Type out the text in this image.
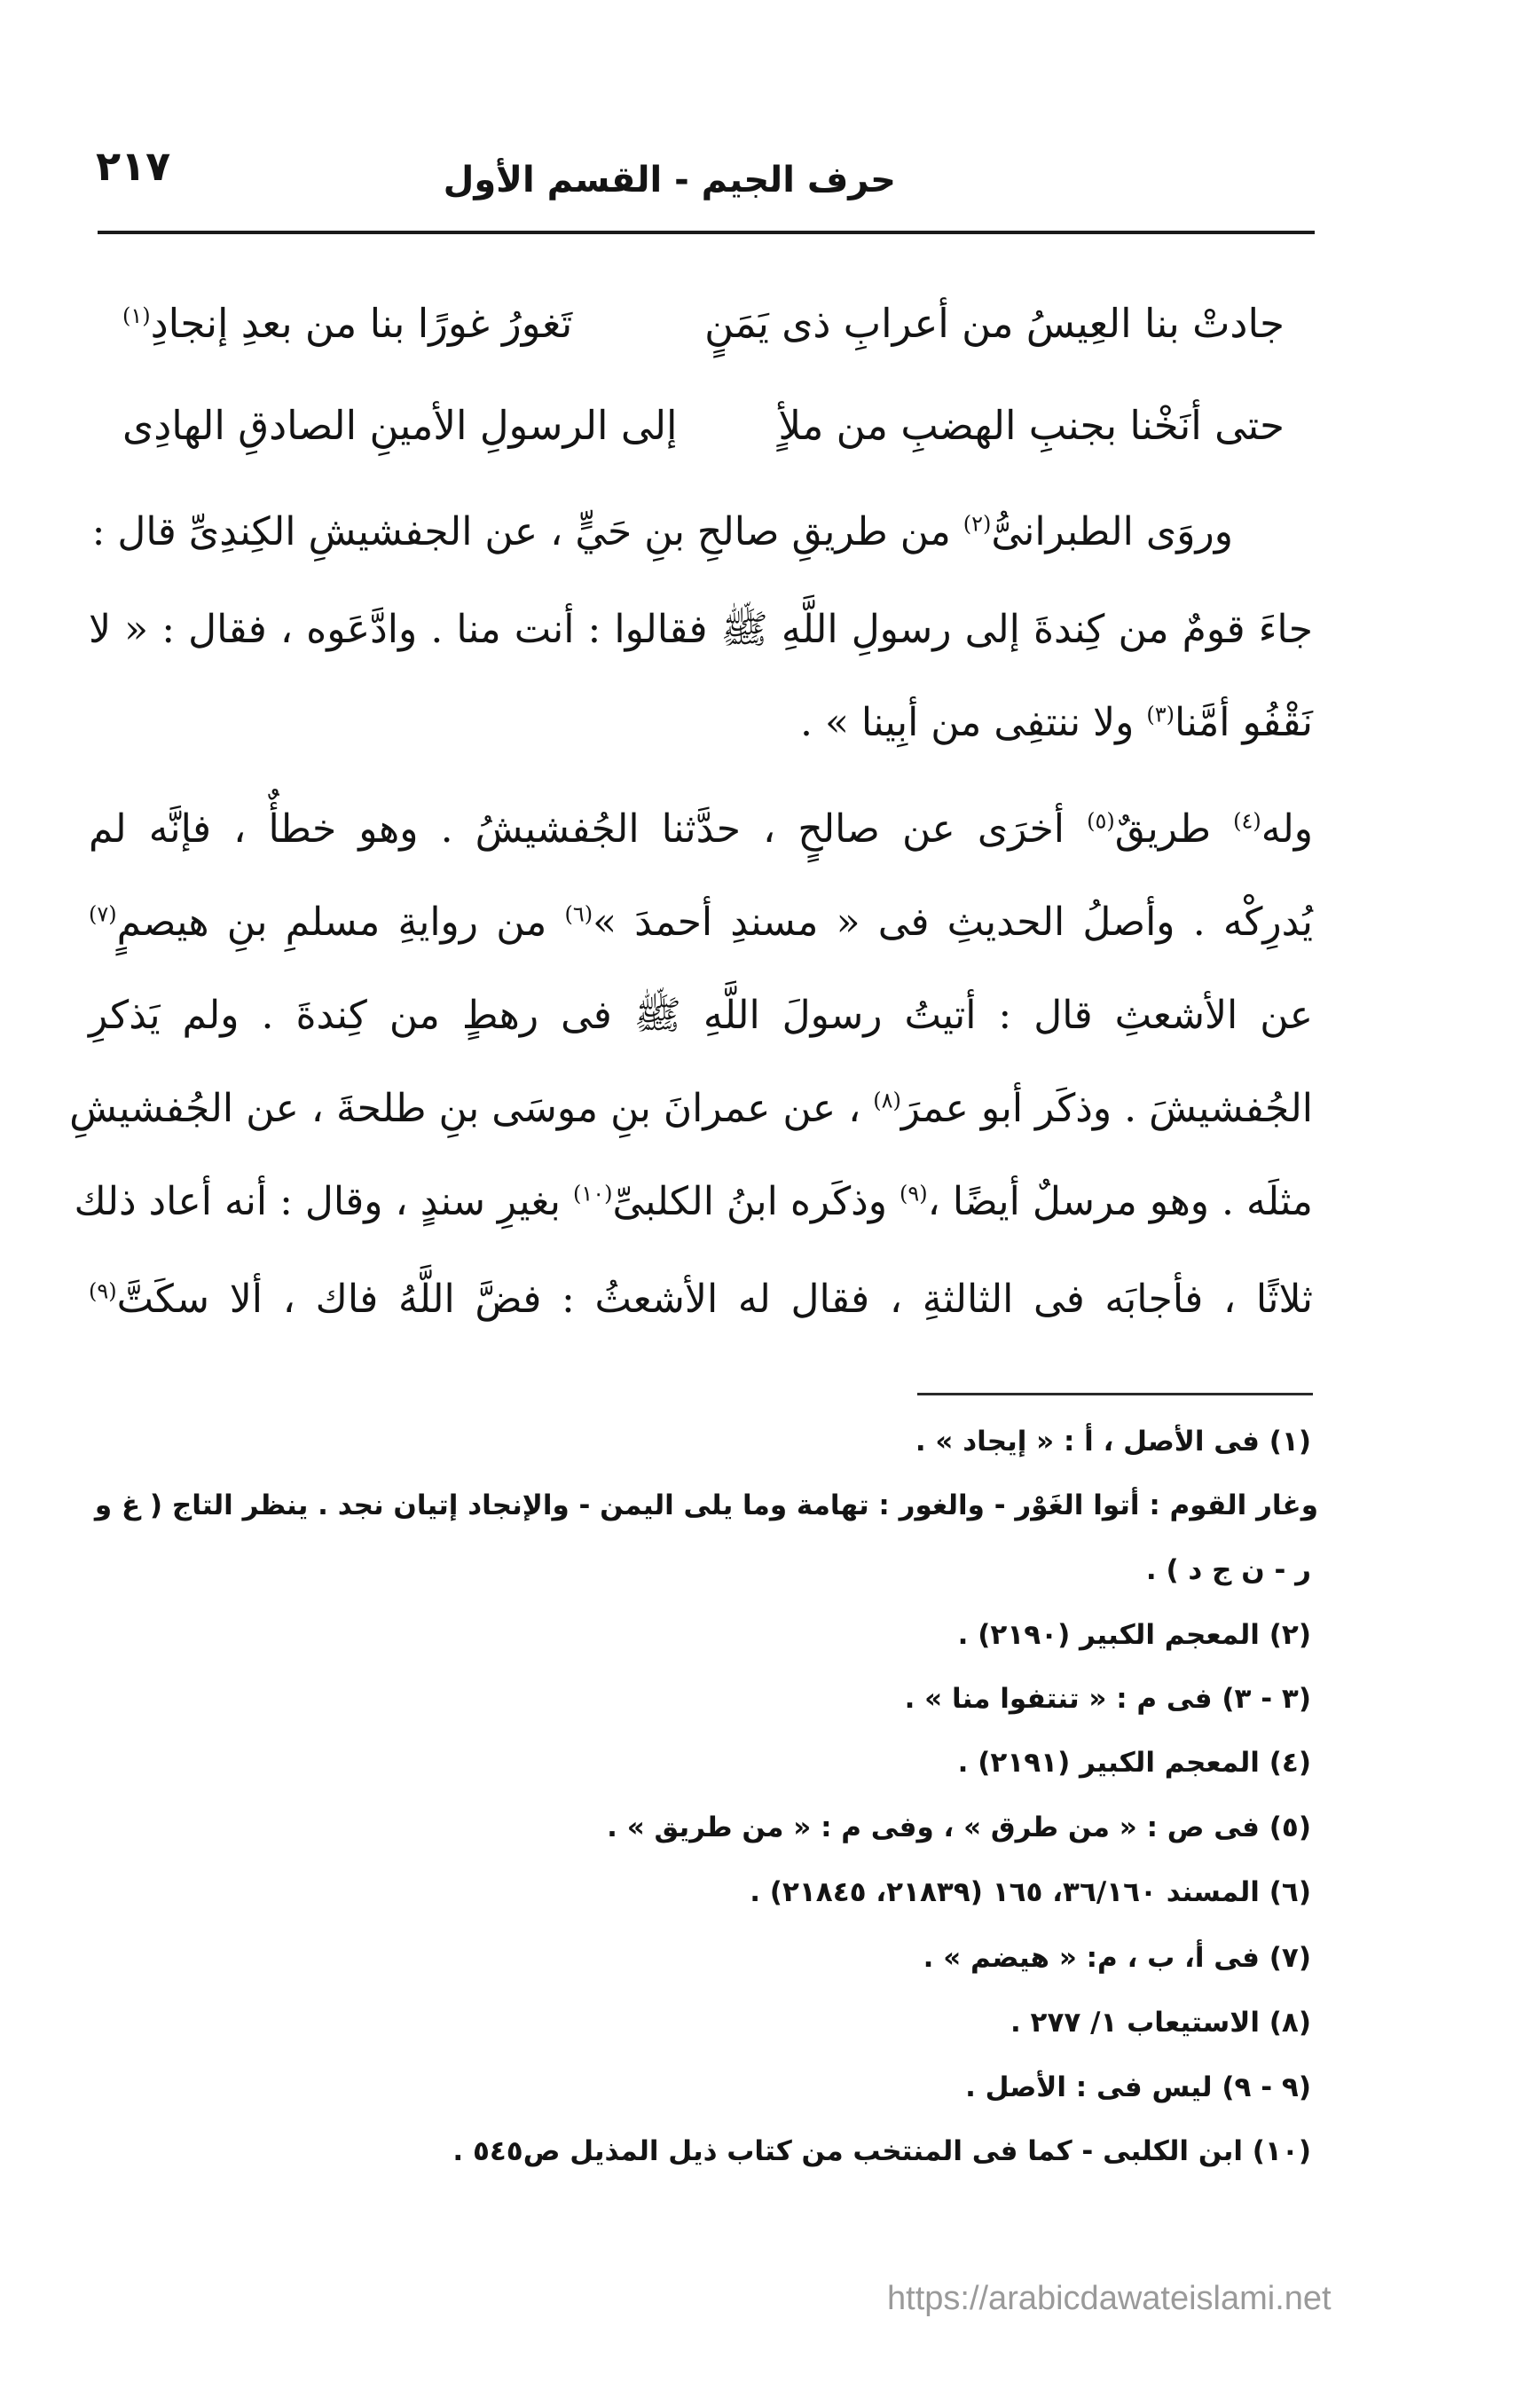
حرف الجيم - القسم الأول
٢١٧
جادتْ بنا العِيسُ من أعرابِ ذى يَمَنٍ
تَغورُ غورًا بنا من بعدِ إنجادِ$^{(١)}$
حتى أنَخْنا بجنبِ الهضبِ من ملأٍ
إلى الرسولِ الأمينِ الصادقِ الهادِى
وروَى الطبرانىُّ$^{(٢)}$ من طريقِ صالحِ بنِ حَيٍّ ، عن الجفشيشِ الكِندِىِّ قال :
جاءَ قومٌ من كِندةَ إلى رسولِ اللَّهِ ﷺ فقالوا : أنت منا . وادَّعَوه ، فقال : « لا
نَقْفُو أمَّنا$^{(٣)}$ ولا ننتفِى من أبِينا » .
وله$^{(٤)}$ طريقٌ$^{(٥)}$ أخرَى عن صالحٍ ، حدَّثنا الجُفشيشُ . وهو خطأٌ ، فإنَّه لم
يُدرِكْه . وأصلُ الحديثِ فى « مسندِ أحمدَ »$^{(٦)}$ من روايةِ مسلمِ بنِ هيصمٍ$^{(٧)}$
عن الأشعثِ قال : أتيتُ رسولَ اللَّهِ ﷺ فى رهطٍ من كِندةَ . ولم يَذكرِ
الجُفشيشَ . وذكَر أبو عمرَ$^{(٨)}$ ، عن عمرانَ بنِ موسَى بنِ طلحةَ ، عن الجُفشيشِ
مثلَه . وهو مرسلٌ أيضًا ،$^{(٩)}$ وذكَره ابنُ الكلبىِّ$^{(١٠)}$ بغيرِ سندٍ ، وقال : أنه أعاد ذلك
ثلاثًا ، فأجابَه فى الثالثةِ ، فقال له الأشعثُ : فضَّ اللَّهُ فاك ، ألا سكَتَّ$^{(٩)}$
(١) فى الأصل ، أ : « إيجاد » .
وغار القوم : أتوا الغَوْر - والغور : تهامة وما يلى اليمن - والإنجاد إتيان نجد . ينظر التاج ( غ و
ر - ن ج د ) .
(٢) المعجم الكبير (٢١٩٠) .
(٣ - ٣) فى م : « تنتفوا منا » .
(٤) المعجم الكبير (٢١٩١) .
(٥) فى ص : « من طرق » ، وفى م : « من طريق » .
(٦) المسند ٣٦/١٦٠، ١٦٥ (٢١٨٣٩، ٢١٨٤٥) .
(٧) فى أ، ب ، م: « هيضم » .
(٨) الاستيعاب ١/ ٢٧٧ .
(٩ - ٩) ليس فى : الأصل .
(١٠) ابن الكلبى - كما فى المنتخب من كتاب ذيل المذيل ص٥٤٥ .
https://arabicdawateislami.net
